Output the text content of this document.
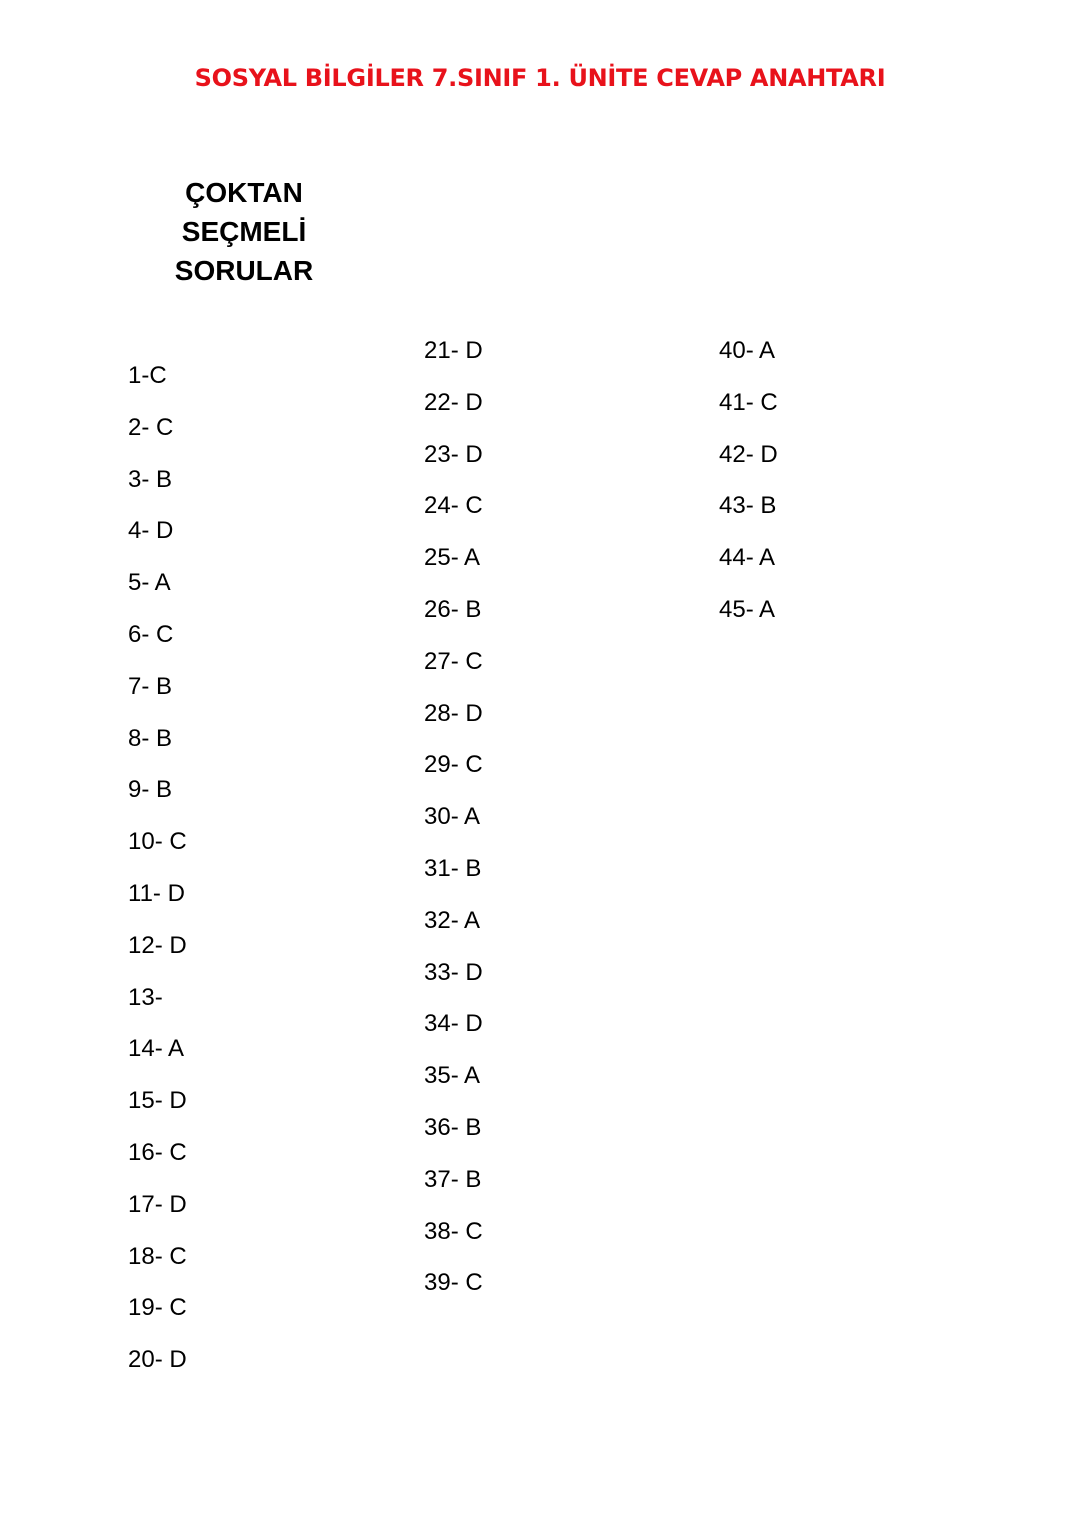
SOSYAL BİLGİLER 7.SINIF 1. ÜNİTE CEVAP ANAHTARI
ÇOKTAN
SEÇMELİ
SORULAR
1-C
2- C
3- B
4- D
5- A
6- C
7- B
8- B
9- B
10- C
11- D
12- D
13-
14- A
15- D
16- C
17- D
18- C
19- C
20- D
21- D
22- D
23- D
24- C
25- A
26- B
27- C
28- D
29- C
30- A
31- B
32- A
33- D
34- D
35- A
36- B
37- B
38- C
39- C
40- A
41- C
42- D
43- B
44- A
45- A
